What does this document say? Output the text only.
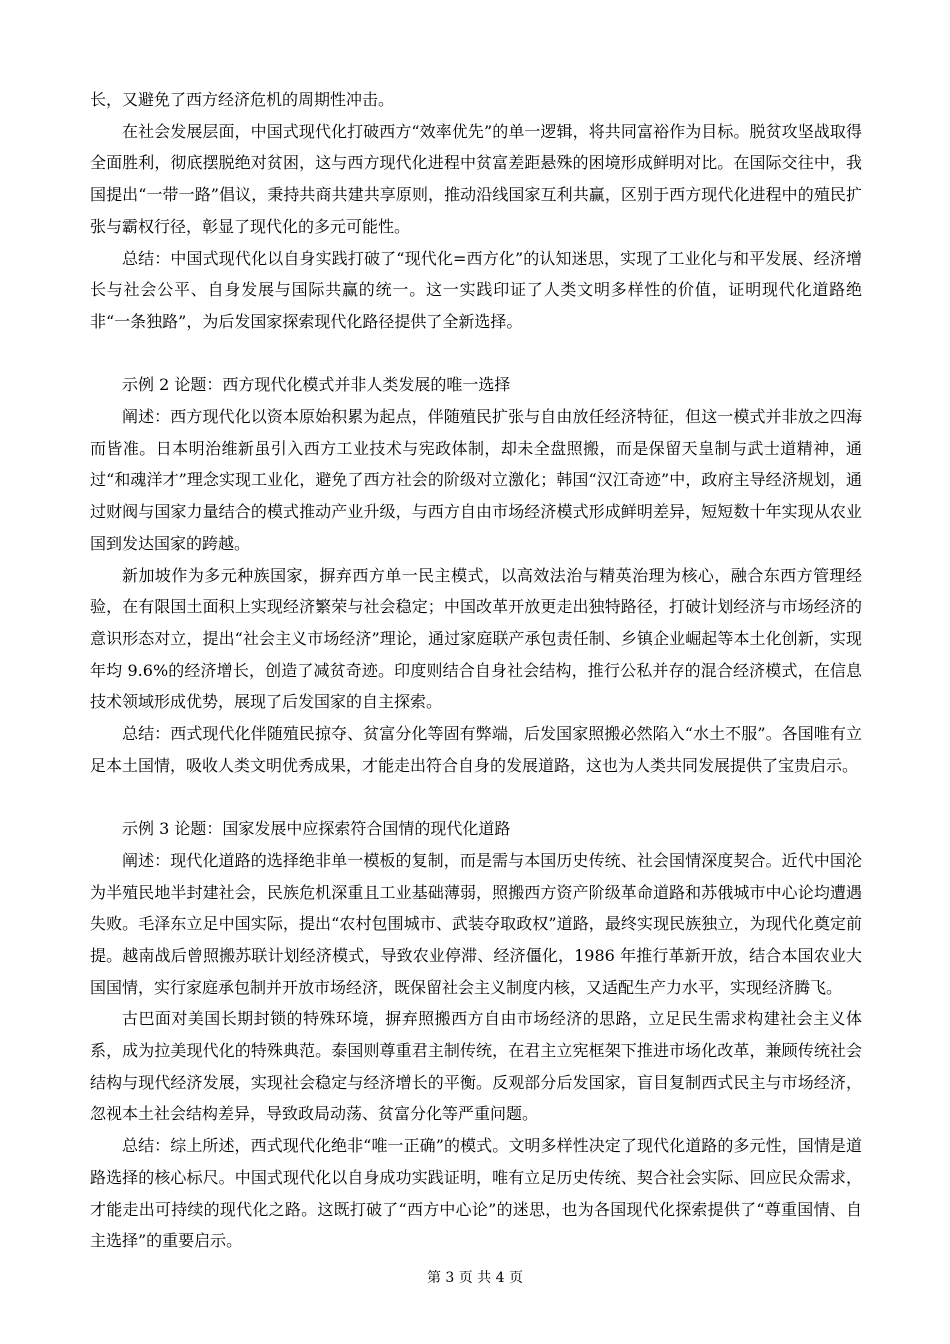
长，又避免了西方经济危机的周期性冲击。

在社会发展层面，中国式现代化打破西方“效率优先”的单一逻辑，将共同富裕作为目标。脱贫攻坚战取得全面胜利，彻底摆脱绝对贫困，这与西方现代化进程中贫富差距悬殊的困境形成鲜明对比。在国际交往中，我国提出“一带一路”倡议，秉持共商共建共享原则，推动沿线国家互利共赢，区别于西方现代化进程中的殖民扩张与霸权行径，彰显了现代化的多元可能性。

总结：中国式现代化以自身实践打破了“现代化=西方化”的认知迷思，实现了工业化与和平发展、经济增长与社会公平、自身发展与国际共赢的统一。这一实践印证了人类文明多样性的价值，证明现代化道路绝非“一条独路”，为后发国家探索现代化路径提供了全新选择。

示例 2 论题：西方现代化模式并非人类发展的唯一选择

阐述：西方现代化以资本原始积累为起点，伴随殖民扩张与自由放任经济特征，但这一模式并非放之四海而皆准。日本明治维新虽引入西方工业技术与宪政体制，却未全盘照搬，而是保留天皇制与武士道精神，通过“和魂洋才”理念实现工业化，避免了西方社会的阶级对立激化；韩国“汉江奇迹”中，政府主导经济规划，通过财阀与国家力量结合的模式推动产业升级，与西方自由市场经济模式形成鲜明差异，短短数十年实现从农业国到发达国家的跨越。

新加坡作为多元种族国家，摒弃西方单一民主模式，以高效法治与精英治理为核心，融合东西方管理经验，在有限国土面积上实现经济繁荣与社会稳定；中国改革开放更走出独特路径，打破计划经济与市场经济的意识形态对立，提出“社会主义市场经济”理论，通过家庭联产承包责任制、乡镇企业崛起等本土化创新，实现年均 9.6%的经济增长，创造了减贫奇迹。印度则结合自身社会结构，推行公私并存的混合经济模式，在信息技术领域形成优势，展现了后发国家的自主探索。

总结：西式现代化伴随殖民掠夺、贫富分化等固有弊端，后发国家照搬必然陷入“水土不服”。各国唯有立足本土国情，吸收人类文明优秀成果，才能走出符合自身的发展道路，这也为人类共同发展提供了宝贵启示。

示例 3 论题：国家发展中应探索符合国情的现代化道路

阐述：现代化道路的选择绝非单一模板的复制，而是需与本国历史传统、社会国情深度契合。近代中国沦为半殖民地半封建社会，民族危机深重且工业基础薄弱，照搬西方资产阶级革命道路和苏俄城市中心论均遭遇失败。毛泽东立足中国实际，提出“农村包围城市、武装夺取政权”道路，最终实现民族独立，为现代化奠定前提。越南战后曾照搬苏联计划经济模式，导致农业停滞、经济僵化，1986 年推行革新开放，结合本国农业大国国情，实行家庭承包制并开放市场经济，既保留社会主义制度内核，又适配生产力水平，实现经济腾飞。

古巴面对美国长期封锁的特殊环境，摒弃照搬西方自由市场经济的思路，立足民生需求构建社会主义体系，成为拉美现代化的特殊典范。泰国则尊重君主制传统，在君主立宪框架下推进市场化改革，兼顾传统社会结构与现代经济发展，实现社会稳定与经济增长的平衡。反观部分后发国家，盲目复制西式民主与市场经济，忽视本土社会结构差异，导致政局动荡、贫富分化等严重问题。

总结：综上所述，西式现代化绝非“唯一正确”的模式。文明多样性决定了现代化道路的多元性，国情是道路选择的核心标尺。中国式现代化以自身成功实践证明，唯有立足历史传统、契合社会实际、回应民众需求，才能走出可持续的现代化之路。这既打破了“西方中心论”的迷思，也为各国现代化探索提供了“尊重国情、自主选择”的重要启示。

第 3 页 共 4 页
